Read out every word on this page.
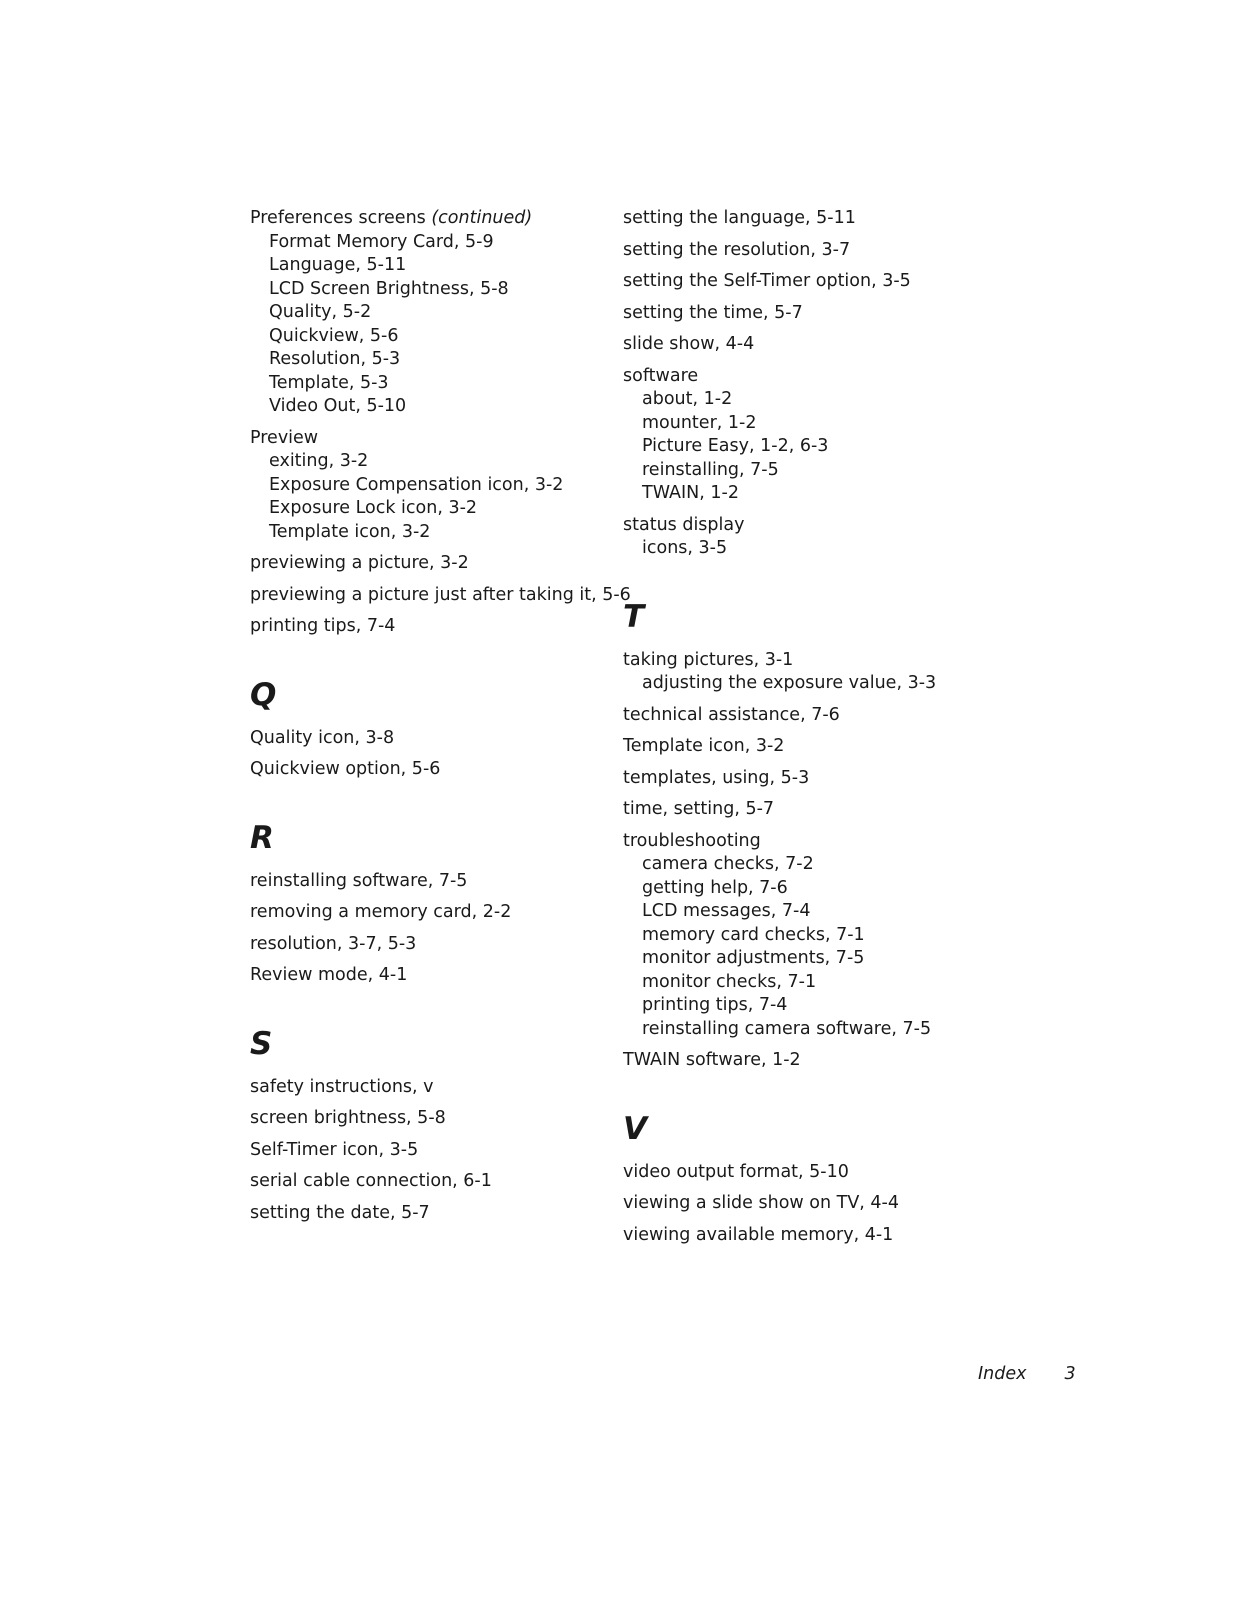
Preferences screens (continued)
Format Memory Card, 5-9
Language, 5-11
LCD Screen Brightness, 5-8
Quality, 5-2
Quickview, 5-6
Resolution, 5-3
Template, 5-3
Video Out, 5-10
Preview
exiting, 3-2
Exposure Compensation icon, 3-2
Exposure Lock icon, 3-2
Template icon, 3-2
previewing a picture, 3-2
previewing a picture just after taking it, 5-6
printing tips, 7-4
Q
Quality icon, 3-8
Quickview option, 5-6
R
reinstalling software, 7-5
removing a memory card, 2-2
resolution, 3-7, 5-3
Review mode, 4-1
S
safety instructions, v
screen brightness, 5-8
Self-Timer icon, 3-5
serial cable connection, 6-1
setting the date, 5-7
setting the language, 5-11
setting the resolution, 3-7
setting the Self-Timer option, 3-5
setting the time, 5-7
slide show, 4-4
software
about, 1-2
mounter, 1-2
Picture Easy, 1-2, 6-3
reinstalling, 7-5
TWAIN, 1-2
status display
icons, 3-5
T
taking pictures, 3-1
adjusting the exposure value, 3-3
technical assistance, 7-6
Template icon, 3-2
templates, using, 5-3
time, setting, 5-7
troubleshooting
camera checks, 7-2
getting help, 7-6
LCD messages, 7-4
memory card checks, 7-1
monitor adjustments, 7-5
monitor checks, 7-1
printing tips, 7-4
reinstalling camera software, 7-5
TWAIN software, 1-2
V
video output format, 5-10
viewing a slide show on TV, 4-4
viewing available memory, 4-1
Index 3
